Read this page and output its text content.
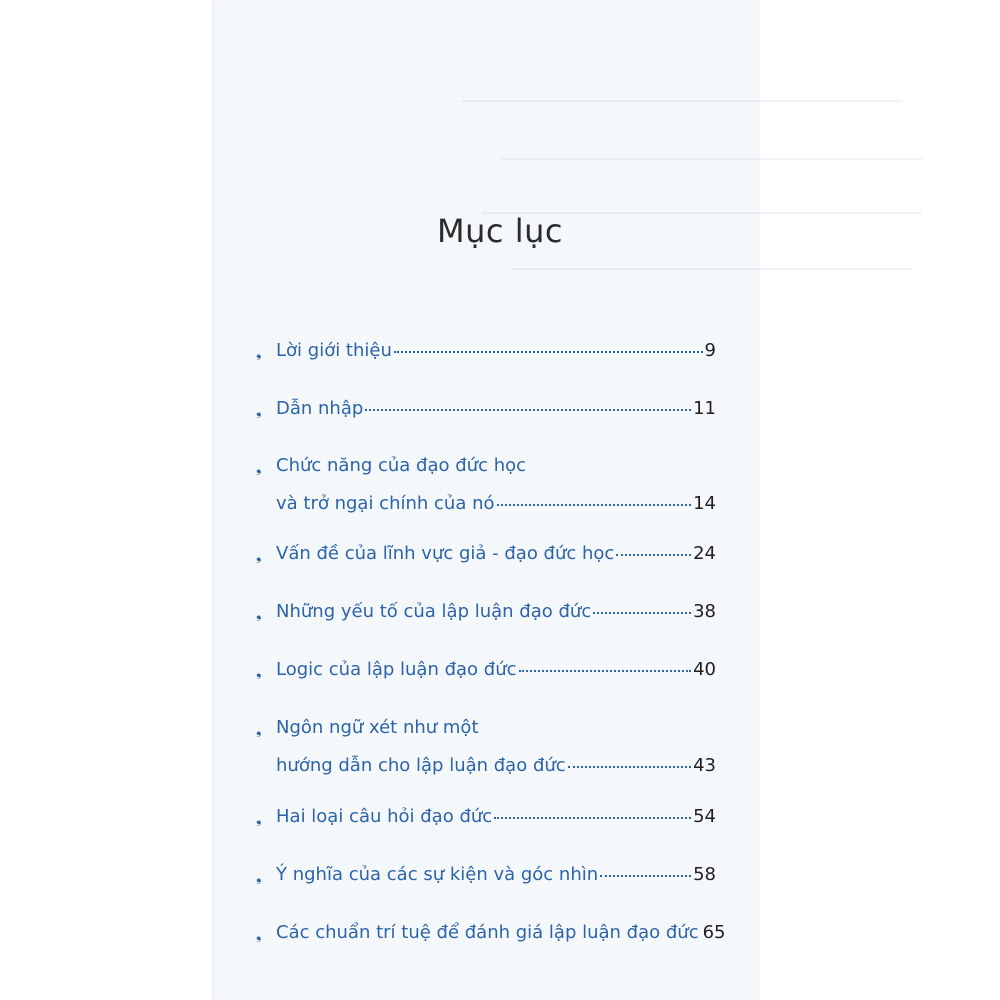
Mục lục
❟ Lời giới thiệu	9
❟ Dẫn nhập	11
❟ Chức năng của đạo đức học
và trở ngại chính của nó	14
❟ Vấn đề của lĩnh vực giả - đạo đức học	24
❟ Những yếu tố của lập luận đạo đức	38
❟ Logic của lập luận đạo đức	40
❟ Ngôn ngữ xét như một
hướng dẫn cho lập luận đạo đức	43
❟ Hai loại câu hỏi đạo đức	54
❟ Ý nghĩa của các sự kiện và góc nhìn	58
❟ Các chuẩn trí tuệ để đánh giá lập luận đạo đức 65
